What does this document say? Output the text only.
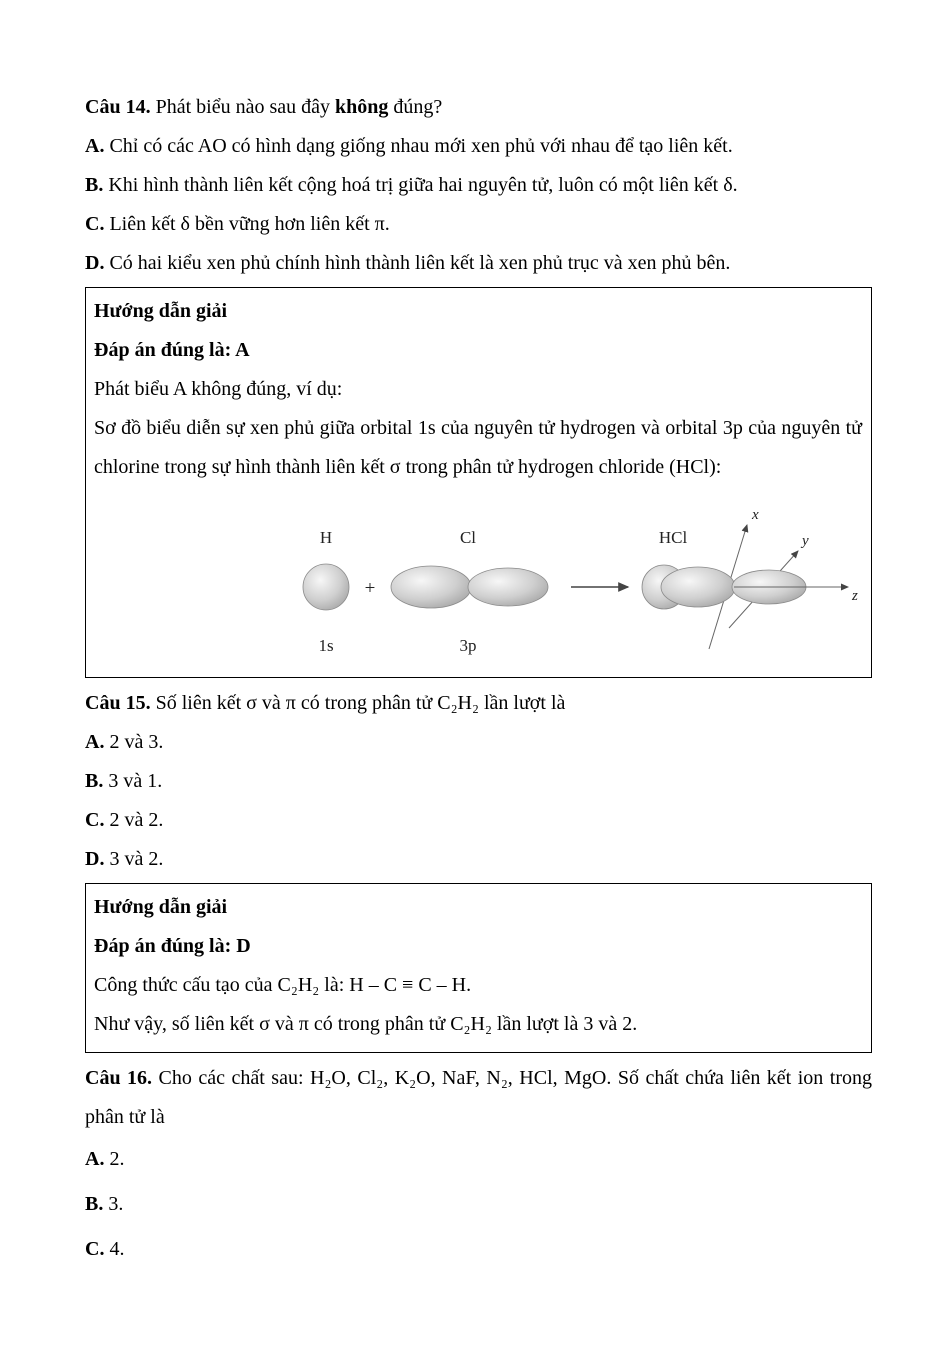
Câu 14. Phát biểu nào sau đây không đúng?

A. Chỉ có các AO có hình dạng giống nhau mới xen phủ với nhau để tạo liên kết.

B. Khi hình thành liên kết cộng hoá trị giữa hai nguyên tử, luôn có một liên kết δ.

C. Liên kết δ bền vững hơn liên kết π.

D. Có hai kiểu xen phủ chính hình thành liên kết là xen phủ trục và xen phủ bên.

Hướng dẫn giải

Đáp án đúng là: A

Phát biểu A không đúng, ví dụ:

Sơ đồ biểu diễn sự xen phủ giữa orbital 1s của nguyên tử hydrogen và orbital 3p của nguyên tử chlorine trong sự hình thành liên kết σ trong phân tử hydrogen chloride (HCl):

H	Cl	HCl
+
x
y
z
1s	3p

Câu 15. Số liên kết σ và π có trong phân tử C₂H₂ lần lượt là

A. 2 và 3.

B. 3 và 1.

C. 2 và 2.

D. 3 và 2.

Hướng dẫn giải

Đáp án đúng là: D

Công thức cấu tạo của C₂H₂ là: H – C ≡ C – H.

Như vậy, số liên kết σ và π có trong phân tử C₂H₂ lần lượt là 3 và 2.

Câu 16. Cho các chất sau: H₂O, Cl₂, K₂O, NaF, N₂, HCl, MgO. Số chất chứa liên kết ion trong phân tử là

A. 2.

B. 3.

C. 4.
